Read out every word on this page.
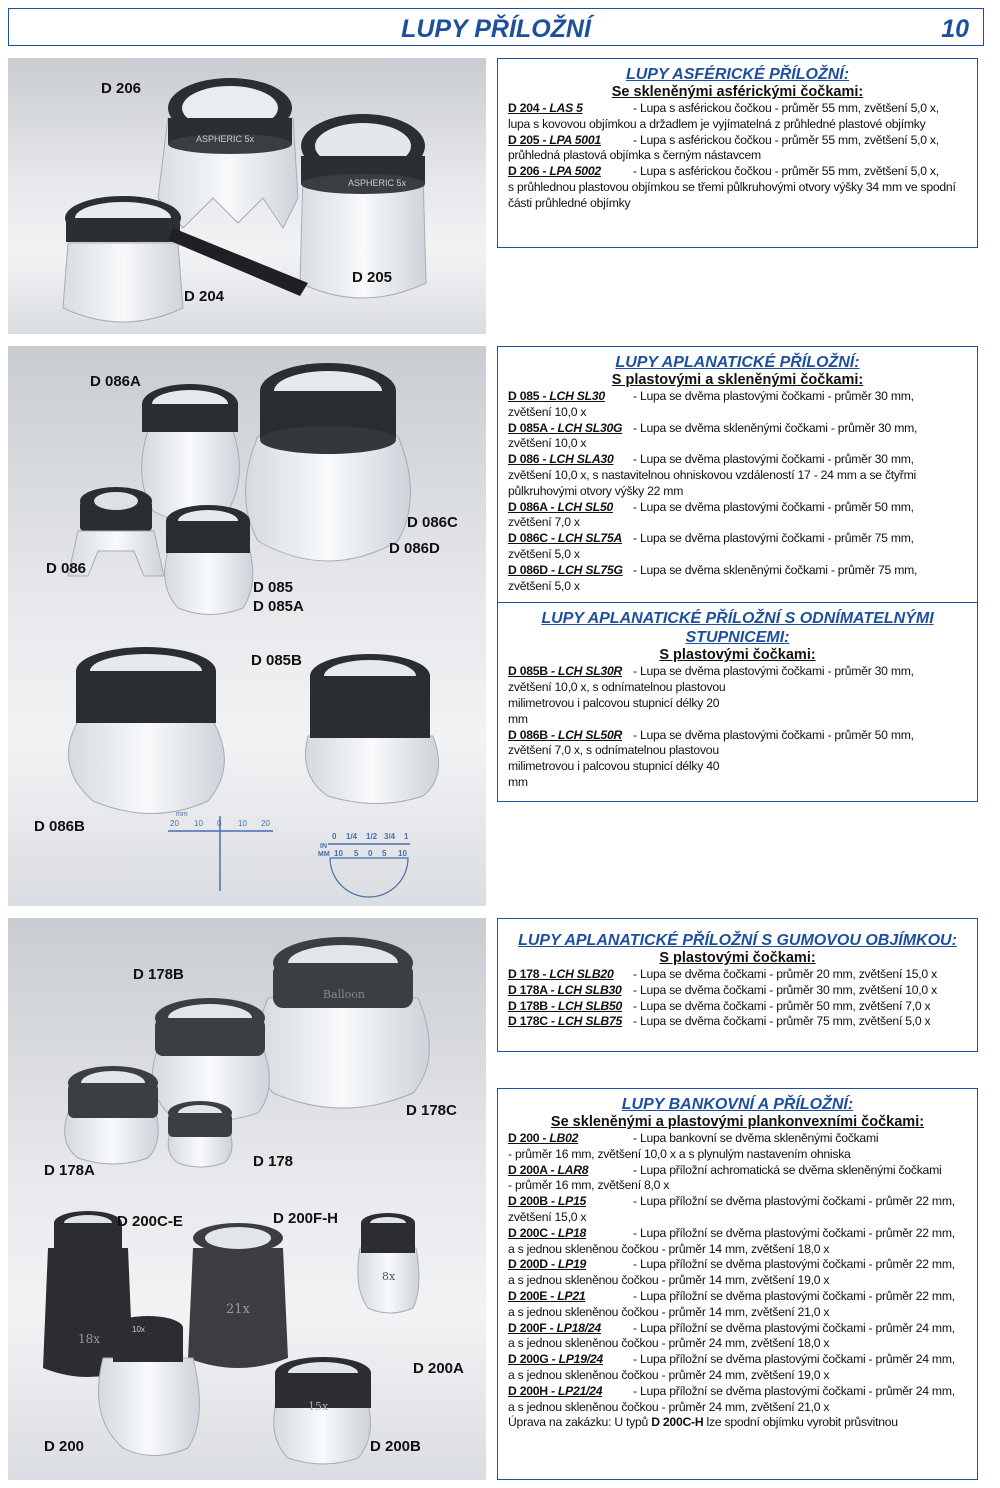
LUPY PŘÍLOŽNÍ	10
ASPHERIC 5x
ASPHERIC 5x
D 206
D 204
D 205
LUPY ASFÉRICKÉ PŘÍLOŽNÍ:
Se skleněnými asférickými čočkami:
D 204 - LAS 5	- Lupa s asférickou čočkou - průměr 55 mm, zvětšení 5,0 x,
lupa s kovovou objímkou a držadlem je vyjímatelná z průhledné plastové objímky
D 205 - LPA 5001	- Lupa s asférickou čočkou - průměr 55 mm, zvětšení 5,0 x,
průhledná plastová objímka s černým nástavcem
D 206 - LPA 5002	- Lupa s asférickou čočkou - průměr 55 mm, zvětšení 5,0 x,
s průhlednou plastovou objímkou se třemi půlkruhovými otvory výšky 34 mm ve spodní části průhledné objímky
20 10 0 10 20
mm
0 1/4 1/2 3/4 1
IN
10 5 0 5 10
MM
D 086A
D 086
D 085
D 085A
D 086C
D 086D
D 085B
D 086B
LUPY APLANATICKÉ PŘÍLOŽNÍ:
S plastovými a skleněnými čočkami:
D 085 - LCH SL30 - Lupa se dvěma plastovými čočkami - průměr 30 mm,
zvětšení 10,0 x
D 085A - LCH SL30G - Lupa se dvěma skleněnými čočkami - průměr 30 mm,
zvětšení 10,0 x
D 086 - LCH SLA30 - Lupa se dvěma plastovými čočkami - průměr 30 mm,
zvětšení 10,0 x, s nastavitelnou ohniskovou vzdáleností 17 - 24 mm a se čtyřmi půlkruhovými otvory výšky 22 mm
D 086A - LCH SL50 - Lupa se dvěma plastovými čočkami - průměr 50 mm,
zvětšení 7,0 x
D 086C - LCH SL75A - Lupa se dvěma plastovými čočkami - průměr 75 mm,
zvětšení 5,0 x
D 086D - LCH SL75G - Lupa se dvěma skleněnými čočkami - průměr 75 mm,
zvětšení 5,0 x
LUPY APLANATICKÉ PŘÍLOŽNÍ S ODNÍMATELNÝMI STUPNICEMI:
S plastovými čočkami:
D 085B - LCH SL30R - Lupa se dvěma plastovými čočkami - průměr 30 mm,
zvětšení 10,0 x, s odnímatelnou plastovou milimetrovou i palcovou stupnicí délky 20 mm
D 086B - LCH SL50R - Lupa se dvěma plastovými čočkami - průměr 50 mm,
zvětšení 7,0 x, s odnímatelnou plastovou milimetrovou i palcovou stupnicí délky 40 mm
Balloon
18x
21x
8x
10x
15x
D 178B
D 178A
D 178
D 178C
D 200C-E	D 200F-H
D 200	D 200B
D 200A
LUPY APLANATICKÉ PŘÍLOŽNÍ S GUMOVOU OBJÍMKOU:
S plastovými čočkami:
D 178 - LCH SLB20 - Lupa se dvěma čočkami - průměr 20 mm, zvětšení 15,0 x
D 178A - LCH SLB30 - Lupa se dvěma čočkami - průměr 30 mm, zvětšení 10,0 x
D 178B - LCH SLB50 - Lupa se dvěma čočkami - průměr 50 mm, zvětšení 7,0 x
D 178C - LCH SLB75 - Lupa se dvěma čočkami - průměr 75 mm, zvětšení 5,0 x
LUPY BANKOVNÍ A PŘÍLOŽNÍ:
Se skleněnými a plastovými plankonvexními čočkami:
D 200 - LB02	- Lupa bankovní se dvěma skleněnými čočkami
- průměr 16 mm, zvětšení 10,0 x a s plynulým nastavením ohniska
D 200A - LAR8	- Lupa příložní achromatická se dvěma skleněnými čočkami
- průměr 16 mm, zvětšení 8,0 x
D 200B - LP15	- Lupa příložní se dvěma plastovými čočkami - průměr 22 mm,
zvětšení 15,0 x
D 200C - LP18	- Lupa příložní se dvěma plastovými čočkami - průměr 22 mm,
a s jednou skleněnou čočkou - průměr 14 mm, zvětšení 18,0 x
D 200D - LP19	- Lupa příložní se dvěma plastovými čočkami - průměr 22 mm,
a s jednou skleněnou čočkou - průměr 14 mm, zvětšení 19,0 x
D 200E - LP21	- Lupa příložní se dvěma plastovými čočkami - průměr 22 mm,
a s jednou skleněnou čočkou - průměr 14 mm, zvětšení 21,0 x
D 200F - LP18/24	- Lupa příložní se dvěma plastovými čočkami - průměr 24 mm,
a s jednou skleněnou čočkou - průměr 24 mm, zvětšení 18,0 x
D 200G - LP19/24 - Lupa příložní se dvěma plastovými čočkami - průměr 24 mm,
a s jednou skleněnou čočkou - průměr 24 mm, zvětšení 19,0 x
D 200H - LP21/24	- Lupa příložní se dvěma plastovými čočkami - průměr 24 mm,
a s jednou skleněnou čočkou - průměr 24 mm, zvětšení 21,0 x
Úprava na zakázku: U typů D 200C-H lze spodní objímku vyrobit průsvitnou
